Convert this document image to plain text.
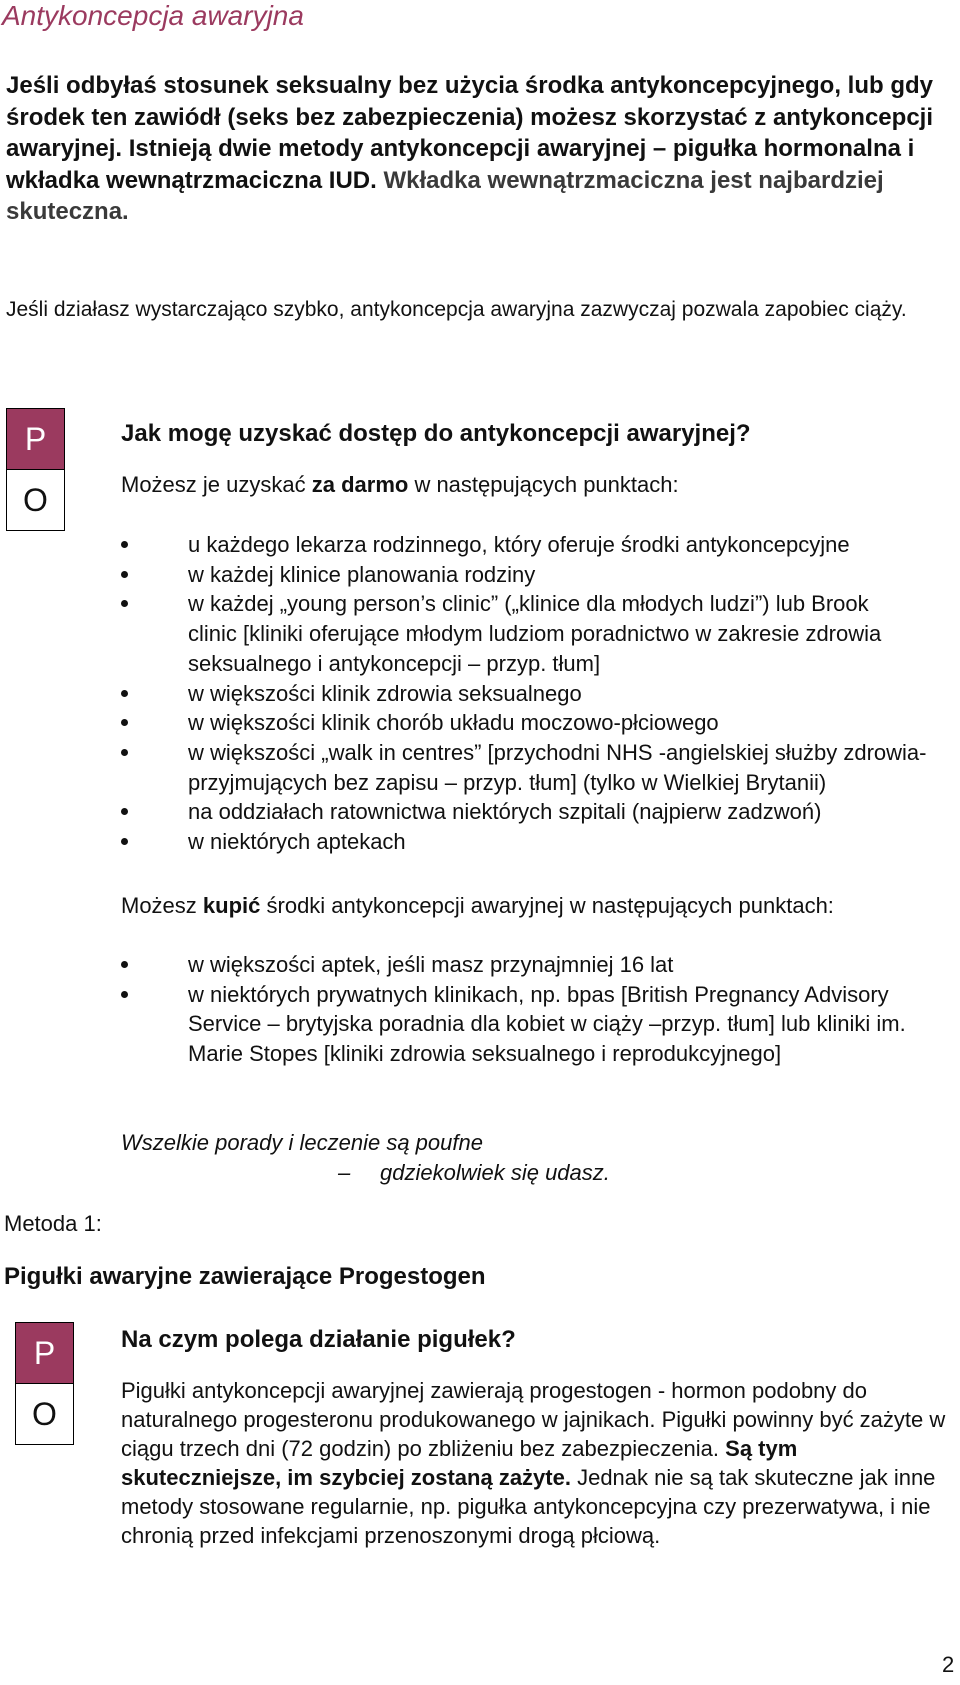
Antykoncepcja awaryjna
Jeśli odbyłaś stosunek seksualny bez użycia środka antykoncepcyjnego, lub gdy środek ten zawiódł (seks bez zabezpieczenia) możesz skorzystać z antykoncepcji awaryjnej. Istnieją dwie metody antykoncepcji awaryjnej – pigułka hormonalna i wkładka wewnątrzmaciczna IUD. Wkładka wewnątrzmaciczna jest najbardziej skuteczna.
Jeśli działasz wystarczająco szybko, antykoncepcja awaryjna zazwyczaj pozwala zapobiec ciąży.
P
O
Jak mogę uzyskać dostęp do antykoncepcji awaryjnej?
Możesz je uzyskać za darmo w następujących punktach:
u każdego lekarza rodzinnego, który oferuje środki antykoncepcyjne
w każdej klinice planowania rodziny
w każdej „young person’s clinic” („klinice dla młodych ludzi”) lub Brook clinic [kliniki oferujące młodym ludziom poradnictwo w zakresie zdrowia seksualnego i antykoncepcji – przyp. tłum]
w większości klinik zdrowia seksualnego
w większości klinik chorób układu moczowo-płciowego
w większości „walk in centres” [przychodni NHS -angielskiej służby zdrowia- przyjmujących bez zapisu – przyp. tłum] (tylko w Wielkiej Brytanii)
na oddziałach ratownictwa niektórych szpitali (najpierw zadzwoń)
w niektórych aptekach
Możesz kupić środki antykoncepcji awaryjnej w następujących punktach:
w większości aptek, jeśli masz przynajmniej 16 lat
w niektórych prywatnych klinikach, np. bpas [British Pregnancy Advisory Service – brytyjska poradnia dla kobiet w ciąży –przyp. tłum] lub kliniki im. Marie Stopes [kliniki zdrowia seksualnego i reprodukcyjnego]
Wszelkie porady i leczenie są poufne
– gdziekolwiek się udasz.
Metoda 1:
Pigułki awaryjne zawierające Progestogen
P
O
Na czym polega działanie pigułek?
Pigułki antykoncepcji awaryjnej zawierają progestogen - hormon podobny do naturalnego progesteronu produkowanego w jajnikach. Pigułki powinny być zażyte w ciągu trzech dni (72 godzin) po zbliżeniu bez zabezpieczenia. Są tym skuteczniejsze, im szybciej zostaną zażyte. Jednak nie są tak skuteczne jak inne metody stosowane regularnie, np. pigułka antykoncepcyjna czy prezerwatywa, i nie chronią przed infekcjami przenoszonymi drogą płciową.
2
